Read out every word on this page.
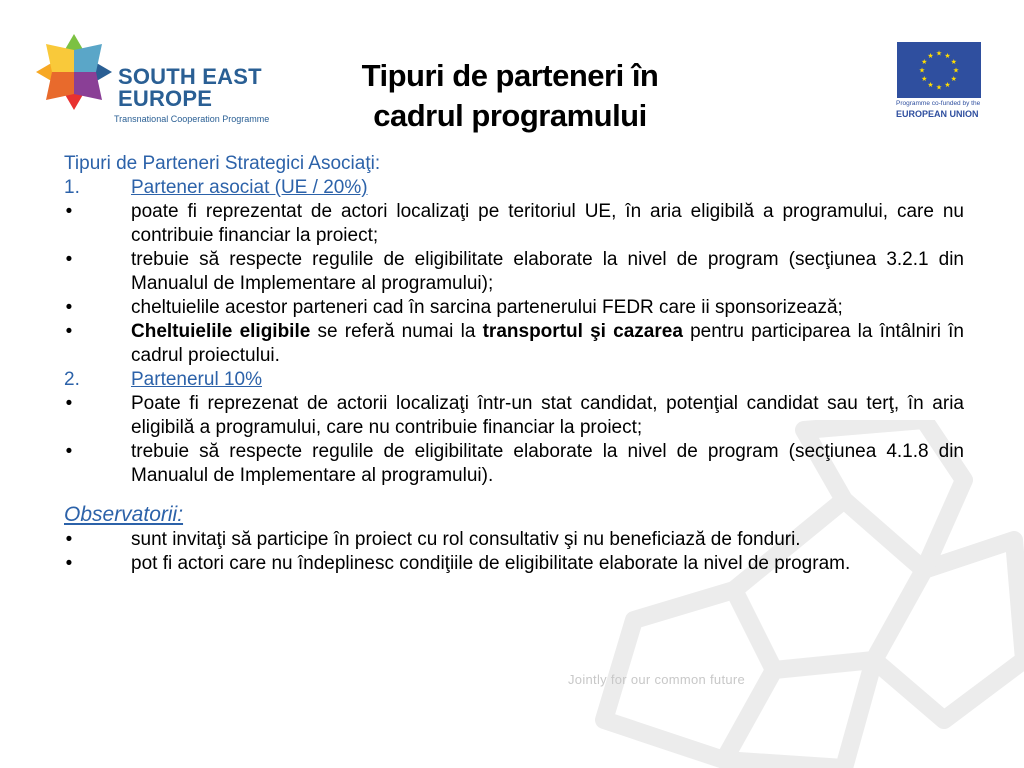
Jointly for our common future
SOUTH EAST
EUROPE
Transnational Cooperation Programme
★ ★
★
★
★
★
★
★
★
★
★
★
Programme co-funded by the
EUROPEAN UNION
Tipuri de parteneri în
cadrul programului
Tipuri de Parteneri Strategici Asociaţi:
1.	Partener asociat (UE / 20%)
•	poate fi reprezentat de actori localizaţi pe teritoriul UE, în aria eligibilă a programului, care nu contribuie financiar la proiect;
•	trebuie să respecte regulile de eligibilitate elaborate la nivel de program (secţiunea 3.2.1 din Manualul de Implementare al programului);
•	cheltuielile acestor parteneri cad în sarcina partenerului FEDR care ii sponsorizează;
•	Cheltuielile eligibile se referă numai la transportul şi cazarea pentru participarea la întâlniri în cadrul proiectului.
2.	Partenerul 10%
•	Poate fi reprezenat de actorii localizaţi într-un stat candidat, potenţial candidat sau terţ, în aria eligibilă a programului, care nu contribuie financiar la proiect;
•	trebuie să respecte regulile de eligibilitate elaborate la nivel de program (secţiunea 4.1.8 din Manualul de Implementare al programului).
Observatorii:
•	sunt invitaţi să participe în proiect cu rol consultativ şi nu beneficiază de fonduri.
•	pot fi actori care nu îndeplinesc condiţiile de eligibilitate elaborate la nivel de program.
